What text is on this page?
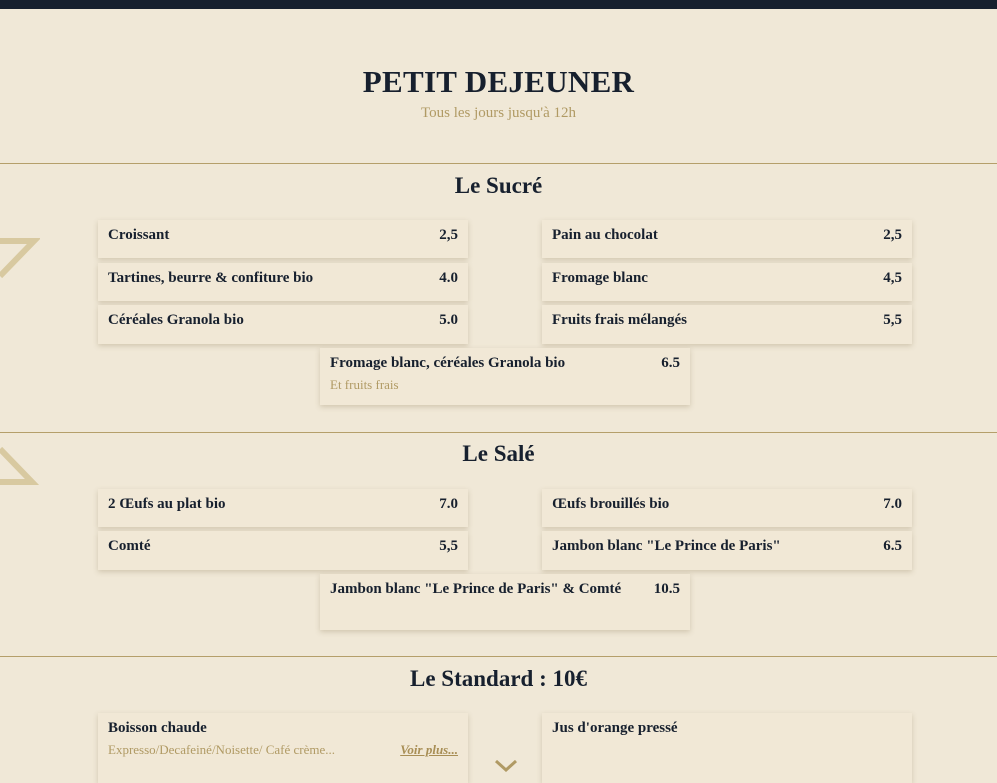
PETIT DEJEUNER
Tous les jours jusqu'à 12h
Le Sucré
Croissant	2,5	Pain au chocolat	2,5
Tartines, beurre & confiture bio	4.0	Fromage blanc	4,5
Céréales Granola bio	5.0	Fruits frais mélangés	5,5
Fromage blanc, céréales Granola bio	6.5
Et fruits frais
Le Salé
2 Œufs au plat bio	7.0	Œufs brouillés bio	7.0
Comté	5,5	Jambon blanc "Le Prince de Paris"	6.5
Jambon blanc "Le Prince de Paris" & Comté 10.5
Le Standard : 10€
Boisson chaude
Expresso/Decafeiné/Noisette/ Café crème...	Voir plus...
Jus d'orange pressé
